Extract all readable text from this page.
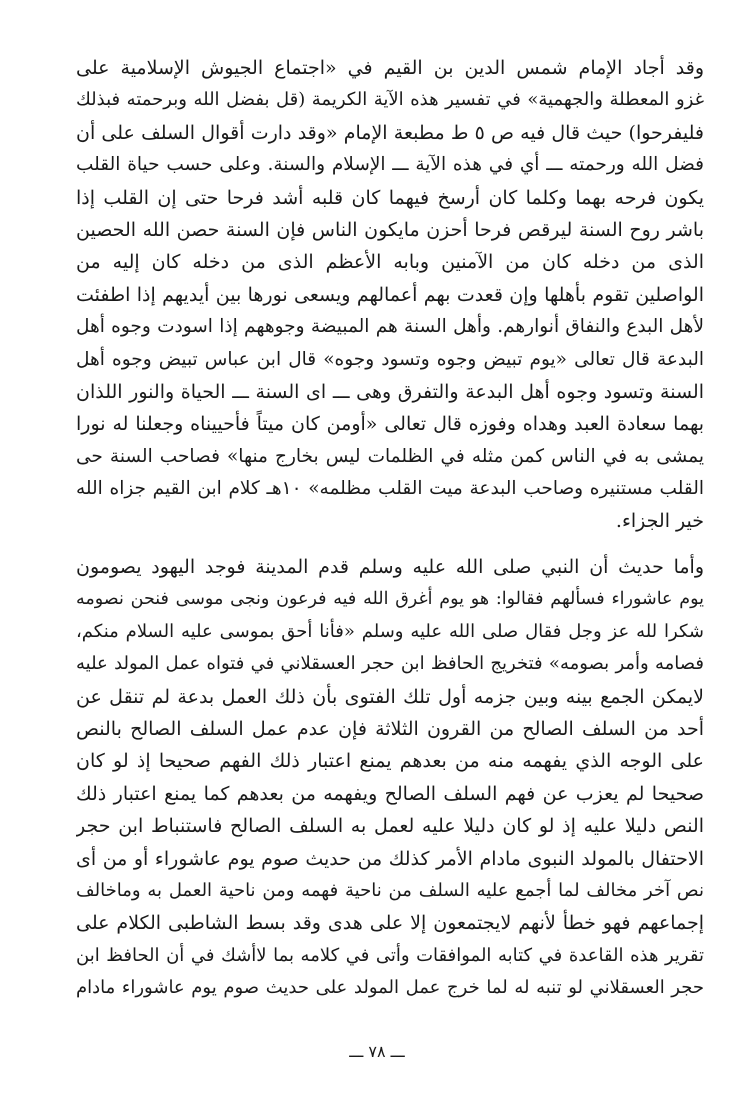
وقد أجاد الإمام شمس الدين بن القيم في «اجتماع الجيوش الإسلامية على
غزو المعطلة والجهمية» في تفسير هذه الآية الكريمة (قل بفضل الله وبرحمته فبذلك
فليفرحوا) حيث قال فيه ص ٥ ط مطبعة الإمام «وقد دارت أقوال السلف على أن
فضل الله ورحمته ـــ أي في هذه الآية ـــ الإسلام والسنة. وعلى حسب حياة القلب
يكون فرحه بهما وكلما كان أرسخ فيهما كان قلبه أشد فرحا حتى إن القلب إذا
باشر روح السنة ليرقص فرحا أحزن مايكون الناس فإن السنة حصن الله الحصين
الذى من دخله كان من الآمنين وبابه الأعظم الذى من دخله كان إليه من
الواصلين تقوم بأهلها وإن قعدت بهم أعمالهم ويسعى نورها بين أيديهم إذا اطفئت
لأهل البدع والنفاق أنوارهم. وأهل السنة هم المبيضة وجوههم إذا اسودت وجوه أهل
البدعة قال تعالى «يوم تبيض وجوه وتسود وجوه» قال ابن عباس تبيض وجوه أهل
السنة وتسود وجوه أهل البدعة والتفرق وهى ـــ اى السنة ـــ الحياة والنور اللذان
بهما سعادة العبد وهداه وفوزه قال تعالى «أومن كان ميتاً فأحييناه وجعلنا له نورا
يمشى به في الناس كمن مثله في الظلمات ليس بخارج منها» فصاحب السنة حى
القلب مستنيره وصاحب البدعة ميت القلب مظلمه» ١٠هـ كلام ابن القيم جزاه الله
خير الجزاء.
وأما حديث أن النبي صلى الله عليه وسلم قدم المدينة فوجد اليهود يصومون
يوم عاشوراء فسألهم فقالوا: هو يوم أغرق الله فيه فرعون ونجى موسى فنحن نصومه
شكرا لله عز وجل فقال صلى الله عليه وسلم «فأنا أحق بموسى عليه السلام منكم،
فصامه وأمر بصومه» فتخريج الحافظ ابن حجر العسقلاني في فتواه عمل المولد عليه
لايمكن الجمع بينه وبين جزمه أول تلك الفتوى بأن ذلك العمل بدعة لم تنقل عن
أحد من السلف الصالح من القرون الثلاثة فإن عدم عمل السلف الصالح بالنص
على الوجه الذي يفهمه منه من بعدهم يمنع اعتبار ذلك الفهم صحيحا إذ لو كان
صحيحا لم يعزب عن فهم السلف الصالح ويفهمه من بعدهم كما يمنع اعتبار ذلك
النص دليلا عليه إذ لو كان دليلا عليه لعمل به السلف الصالح فاستنباط ابن حجر
الاحتفال بالمولد النبوى مادام الأمر كذلك من حديث صوم يوم عاشوراء أو من أى
نص آخر مخالف لما أجمع عليه السلف من ناحية فهمه ومن ناحية العمل به وماخالف
إجماعهم فهو خطأ لأنهم لايجتمعون إلا على هدى وقد بسط الشاطبى الكلام على
تقرير هذه القاعدة في كتابه الموافقات وأتى في كلامه بما لاأشك في أن الحافظ ابن
حجر العسقلاني لو تنبه له لما خرج عمل المولد على حديث صوم يوم عاشوراء مادام
ـــ ٧٨ ـــ
